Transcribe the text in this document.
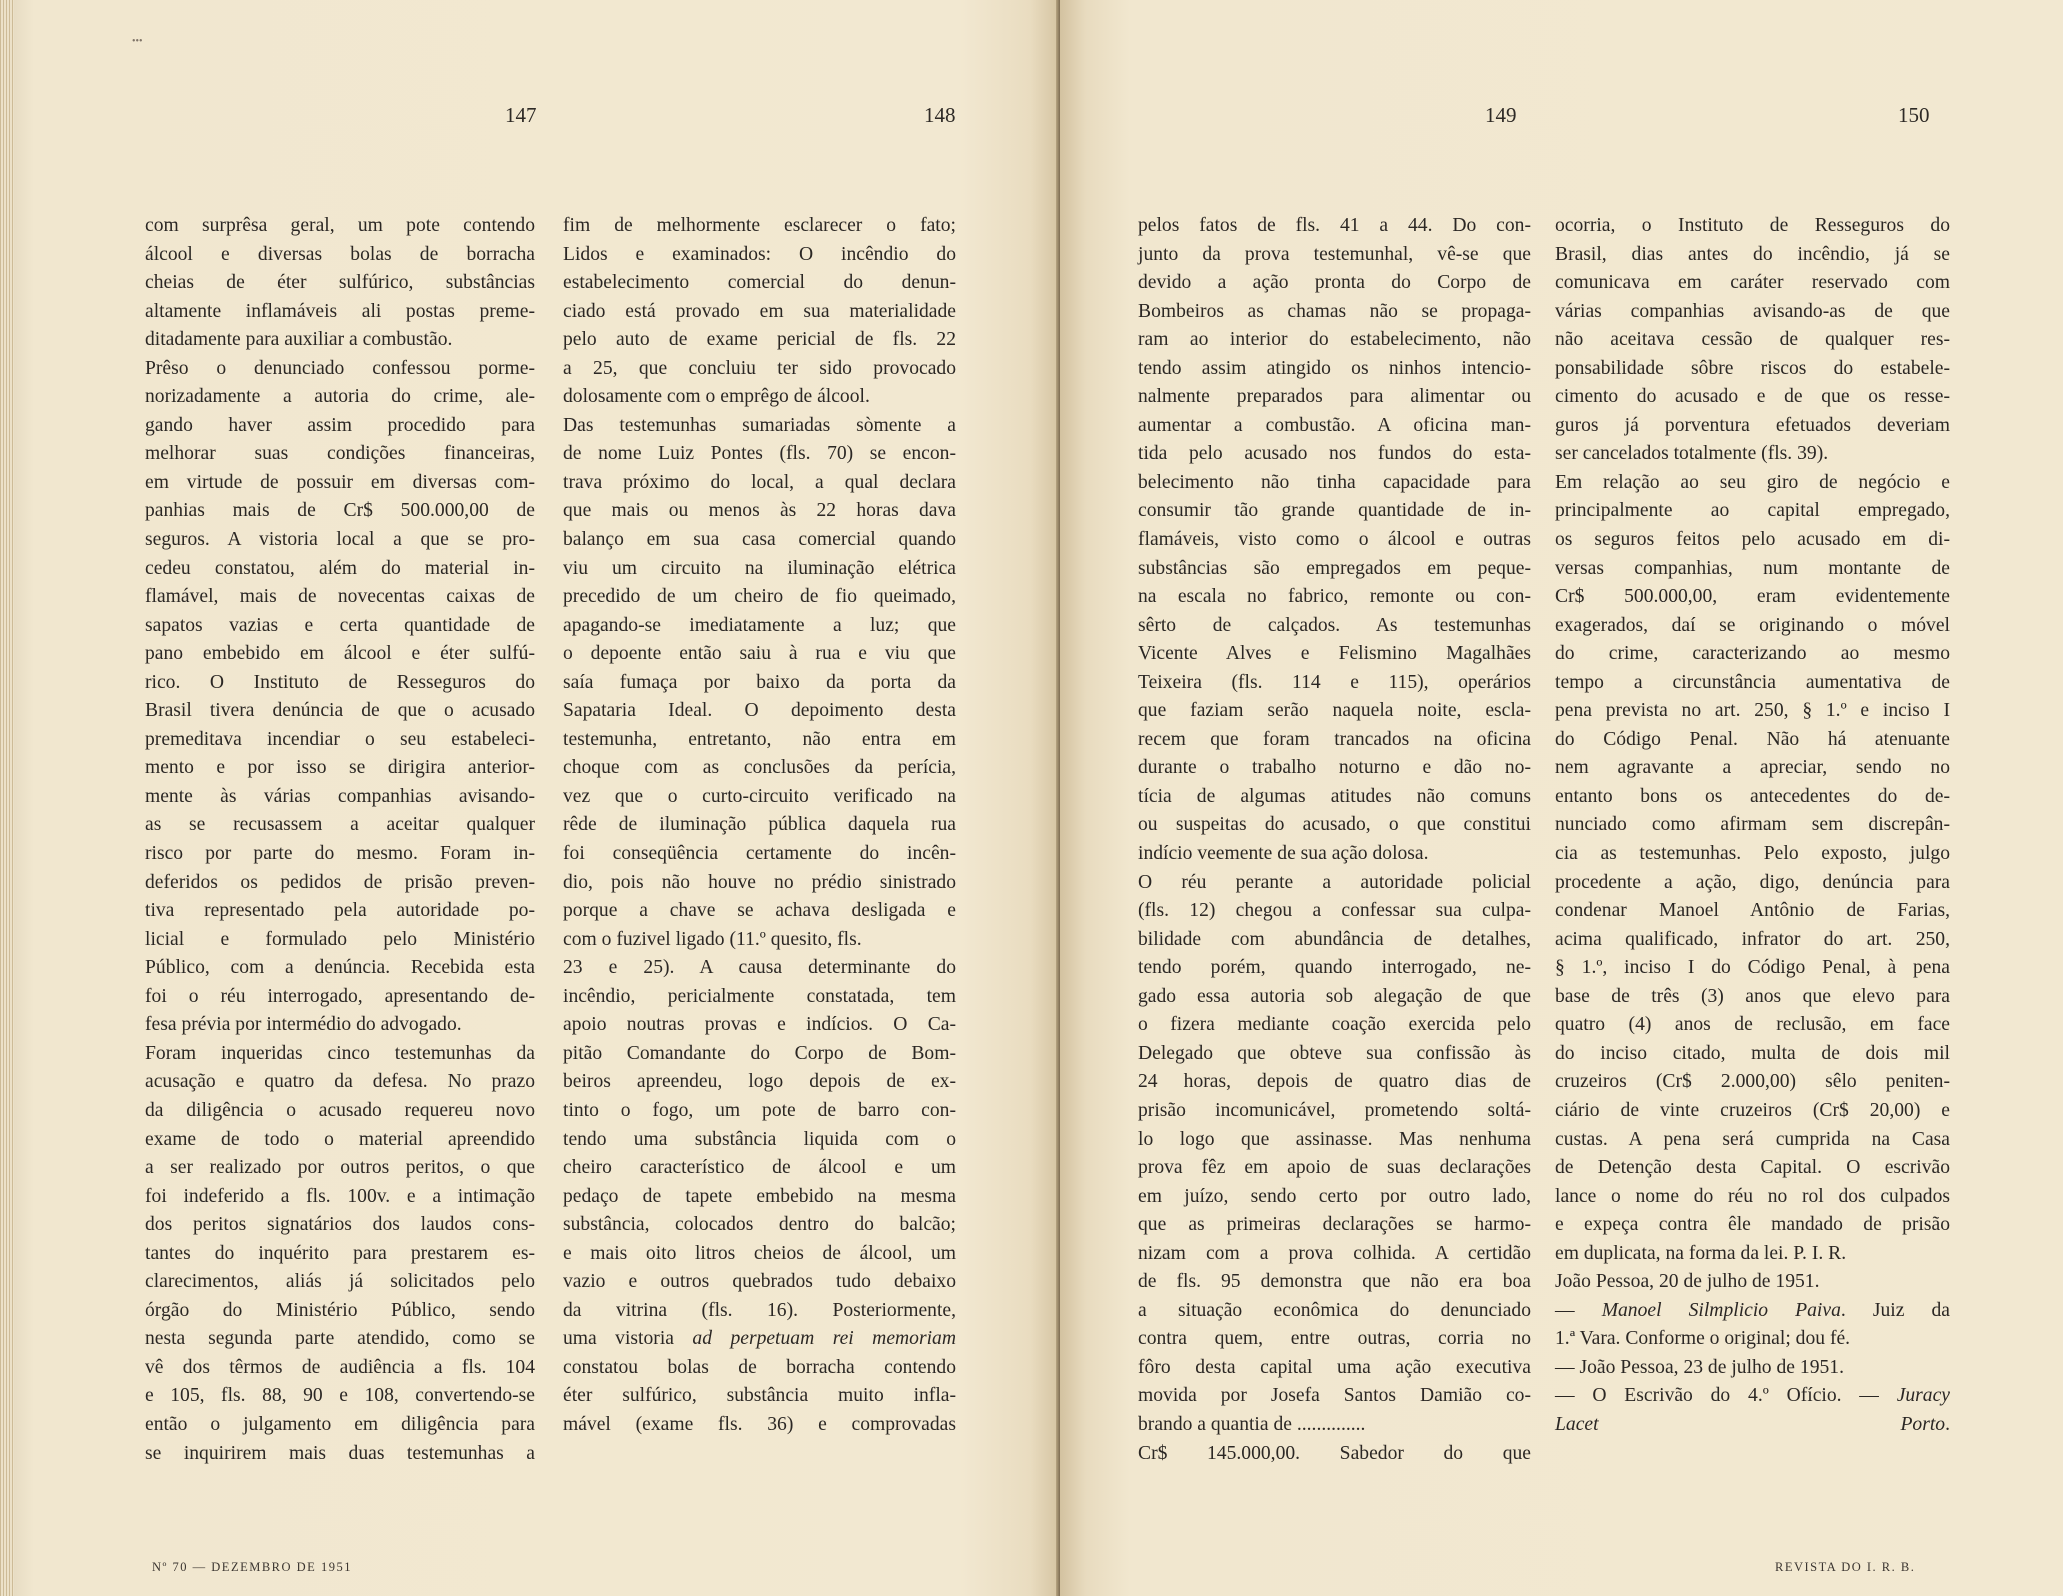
•••
147	148
com surprêsa geral, um pote contendo
álcool e diversas bolas de borracha
cheias de éter sulfúrico, substâncias
altamente inflamáveis ali postas preme-
ditadamente para auxiliar a combustão.
Prêso o denunciado confessou porme-
norizadamente a autoria do crime, ale-
gando haver assim procedido para
melhorar suas condições financeiras,
em virtude de possuir em diversas com-
panhias mais de Cr$ 500.000,00 de
seguros. A vistoria local a que se pro-
cedeu constatou, além do material in-
flamável, mais de novecentas caixas de
sapatos vazias e certa quantidade de
pano embebido em álcool e éter sulfú-
rico. O Instituto de Resseguros do
Brasil tivera denúncia de que o acusado
premeditava incendiar o seu estabeleci-
mento e por isso se dirigira anterior-
mente às várias companhias avisando-
as se recusassem a aceitar qualquer
risco por parte do mesmo. Foram in-
deferidos os pedidos de prisão preven-
tiva representado pela autoridade po-
licial e formulado pelo Ministério
Público, com a denúncia. Recebida esta
foi o réu interrogado, apresentando de-
fesa prévia por intermédio do advogado.
Foram inqueridas cinco testemunhas da
acusação e quatro da defesa. No prazo
da diligência o acusado requereu novo
exame de todo o material apreendido
a ser realizado por outros peritos, o que
foi indeferido a fls. 100v. e a intimação
dos peritos signatários dos laudos cons-
tantes do inquérito para prestarem es-
clarecimentos, aliás já solicitados pelo
órgão do Ministério Público, sendo
nesta segunda parte atendido, como se
vê dos têrmos de audiência a fls. 104
e 105, fls. 88, 90 e 108, convertendo-se
então o julgamento em diligência para
se inquirirem mais duas testemunhas a
fim de melhormente esclarecer o fato;
Lidos e examinados: O incêndio do
estabelecimento comercial do denun-
ciado está provado em sua materialidade
pelo auto de exame pericial de fls. 22
a 25, que concluiu ter sido provocado
dolosamente com o emprêgo de álcool.
Das testemunhas sumariadas sòmente a
de nome Luiz Pontes (fls. 70) se encon-
trava próximo do local, a qual declara
que mais ou menos às 22 horas dava
balanço em sua casa comercial quando
viu um circuito na iluminação elétrica
precedido de um cheiro de fio queimado,
apagando-se imediatamente a luz; que
o depoente então saiu à rua e viu que
saía fumaça por baixo da porta da
Sapataria Ideal. O depoimento desta
testemunha, entretanto, não entra em
choque com as conclusões da perícia,
vez que o curto-circuito verificado na
rêde de iluminação pública daquela rua
foi conseqüência certamente do incên-
dio, pois não houve no prédio sinistrado
porque a chave se achava desligada e
com o fuzivel ligado (11.º quesito, fls.
23 e 25). A causa determinante do
incêndio, pericialmente constatada, tem
apoio noutras provas e indícios. O Ca-
pitão Comandante do Corpo de Bom-
beiros apreendeu, logo depois de ex-
tinto o fogo, um pote de barro con-
tendo uma substância liquida com o
cheiro característico de álcool e um
pedaço de tapete embebido na mesma
substância, colocados dentro do balcão;
e mais oito litros cheios de álcool, um
vazio e outros quebrados tudo debaixo
da vitrina (fls. 16). Posteriormente,
uma vistoria ad perpetuam rei memoriam
constatou bolas de borracha contendo
éter sulfúrico, substância muito infla-
mável (exame fls. 36) e comprovadas
Nº 70 — DEZEMBRO DE 1951
149	150
pelos fatos de fls. 41 a 44. Do con-
junto da prova testemunhal, vê-se que
devido a ação pronta do Corpo de
Bombeiros as chamas não se propaga-
ram ao interior do estabelecimento, não
tendo assim atingido os ninhos intencio-
nalmente preparados para alimentar ou
aumentar a combustão. A oficina man-
tida pelo acusado nos fundos do esta-
belecimento não tinha capacidade para
consumir tão grande quantidade de in-
flamáveis, visto como o álcool e outras
substâncias são empregados em peque-
na escala no fabrico, remonte ou con-
sêrto de calçados. As testemunhas
Vicente Alves e Felismino Magalhães
Teixeira (fls. 114 e 115), operários
que faziam serão naquela noite, escla-
recem que foram trancados na oficina
durante o trabalho noturno e dão no-
tícia de algumas atitudes não comuns
ou suspeitas do acusado, o que constitui
indício veemente de sua ação dolosa.
O réu perante a autoridade policial
(fls. 12) chegou a confessar sua culpa-
bilidade com abundância de detalhes,
tendo porém, quando interrogado, ne-
gado essa autoria sob alegação de que
o fizera mediante coação exercida pelo
Delegado que obteve sua confissão às
24 horas, depois de quatro dias de
prisão incomunicável, prometendo soltá-
lo logo que assinasse. Mas nenhuma
prova fêz em apoio de suas declarações
em juízo, sendo certo por outro lado,
que as primeiras declarações se harmo-
nizam com a prova colhida. A certidão
de fls. 95 demonstra que não era boa
a situação econômica do denunciado
contra quem, entre outras, corria no
fôro desta capital uma ação executiva
movida por Josefa Santos Damião co-
brando a quantia de ..............
Cr$ 145.000,00. Sabedor do que
ocorria, o Instituto de Resseguros do
Brasil, dias antes do incêndio, já se
comunicava em caráter reservado com
várias companhias avisando-as de que
não aceitava cessão de qualquer res-
ponsabilidade sôbre riscos do estabele-
cimento do acusado e de que os resse-
guros já porventura efetuados deveriam
ser cancelados totalmente (fls. 39).
Em relação ao seu giro de negócio e
principalmente ao capital empregado,
os seguros feitos pelo acusado em di-
versas companhias, num montante de
Cr$ 500.000,00, eram evidentemente
exagerados, daí se originando o móvel
do crime, caracterizando ao mesmo
tempo a circunstância aumentativa de
pena prevista no art. 250, § 1.º e inciso I
do Código Penal. Não há atenuante
nem agravante a apreciar, sendo no
entanto bons os antecedentes do de-
nunciado como afirmam sem discrepân-
cia as testemunhas. Pelo exposto, julgo
procedente a ação, digo, denúncia para
condenar Manoel Antônio de Farias,
acima qualificado, infrator do art. 250,
§ 1.º, inciso I do Código Penal, à pena
base de três (3) anos que elevo para
quatro (4) anos de reclusão, em face
do inciso citado, multa de dois mil
cruzeiros (Cr$ 2.000,00) sêlo peniten-
ciário de vinte cruzeiros (Cr$ 20,00) e
custas. A pena será cumprida na Casa
de Detenção desta Capital. O escrivão
lance o nome do réu no rol dos culpados
e expeça contra êle mandado de prisão
em duplicata, na forma da lei. P. I. R.
João Pessoa, 20 de julho de 1951.
— Manoel Silmplicio Paiva. Juiz da
1.ª Vara. Conforme o original; dou fé.
— João Pessoa, 23 de julho de 1951.
— O Escrivão do 4.º Ofício. — Juracy
Lacet Porto.
REVISTA DO I. R. B.
